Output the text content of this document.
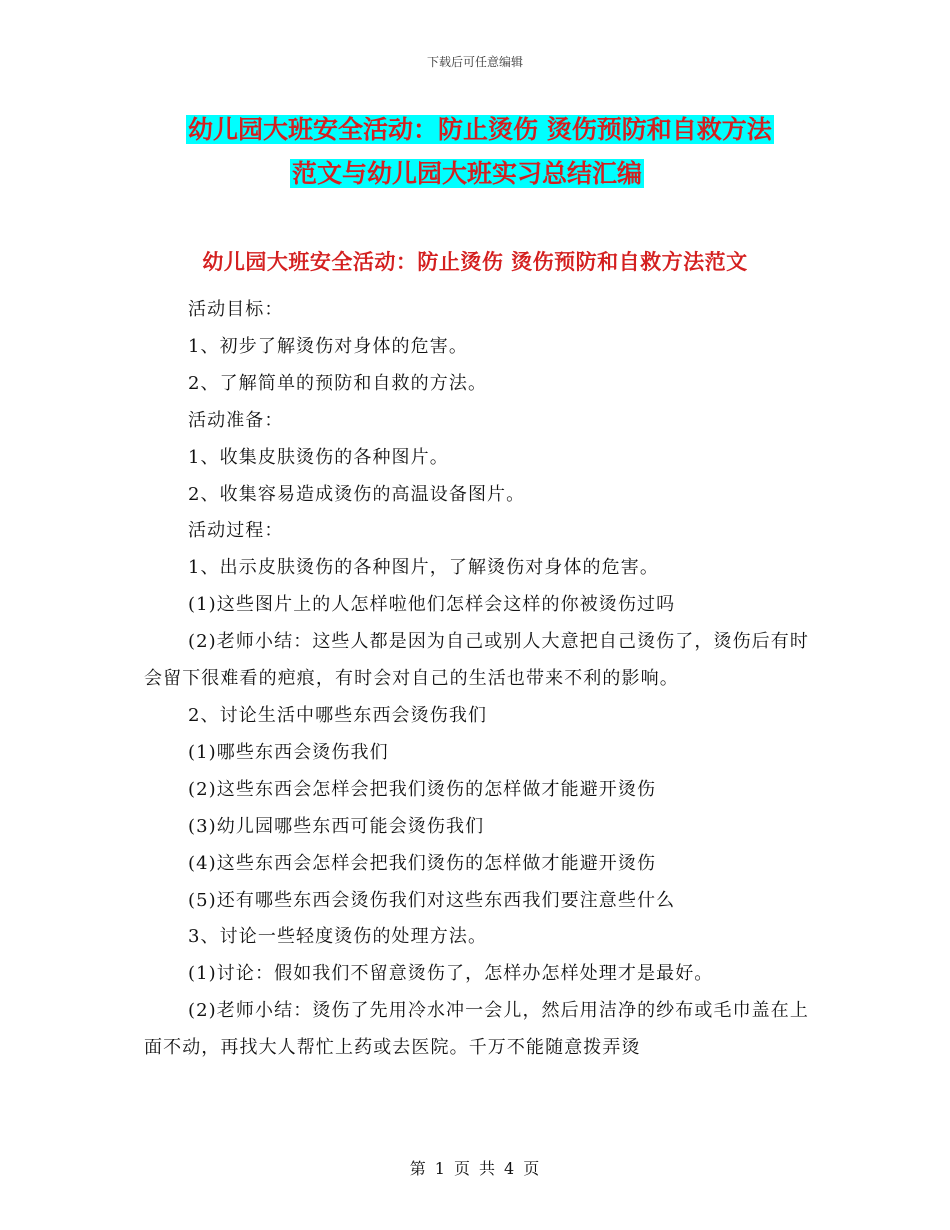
下载后可任意编辑
幼儿园大班安全活动：防止烫伤 烫伤预防和自救方法
范文与幼儿园大班实习总结汇编
幼儿园大班安全活动：防止烫伤 烫伤预防和自救方法范文

活动目标：

1、初步了解烫伤对身体的危害。

2、了解简单的预防和自救的方法。

活动准备：

1、收集皮肤烫伤的各种图片。

2、收集容易造成烫伤的高温设备图片。

活动过程：

1、出示皮肤烫伤的各种图片，了解烫伤对身体的危害。

(1)这些图片上的人怎样啦他们怎样会这样的你被烫伤过吗

(2)老师小结：这些人都是因为自己或别人大意把自己烫伤了，烫伤后有时会留下很难看的疤痕，有时会对自己的生活也带来不利的影响。

2、讨论生活中哪些东西会烫伤我们

(1)哪些东西会烫伤我们

(2)这些东西会怎样会把我们烫伤的怎样做才能避开烫伤

(3)幼儿园哪些东西可能会烫伤我们

(4)这些东西会怎样会把我们烫伤的怎样做才能避开烫伤

(5)还有哪些东西会烫伤我们对这些东西我们要注意些什么

3、讨论一些轻度烫伤的处理方法。

(1)讨论：假如我们不留意烫伤了，怎样办怎样处理才是最好。

(2)老师小结：烫伤了先用冷水冲一会儿，然后用洁净的纱布或毛巾盖在上面不动，再找大人帮忙上药或去医院。千万不能随意拨弄烫

第 1 页 共 4 页
